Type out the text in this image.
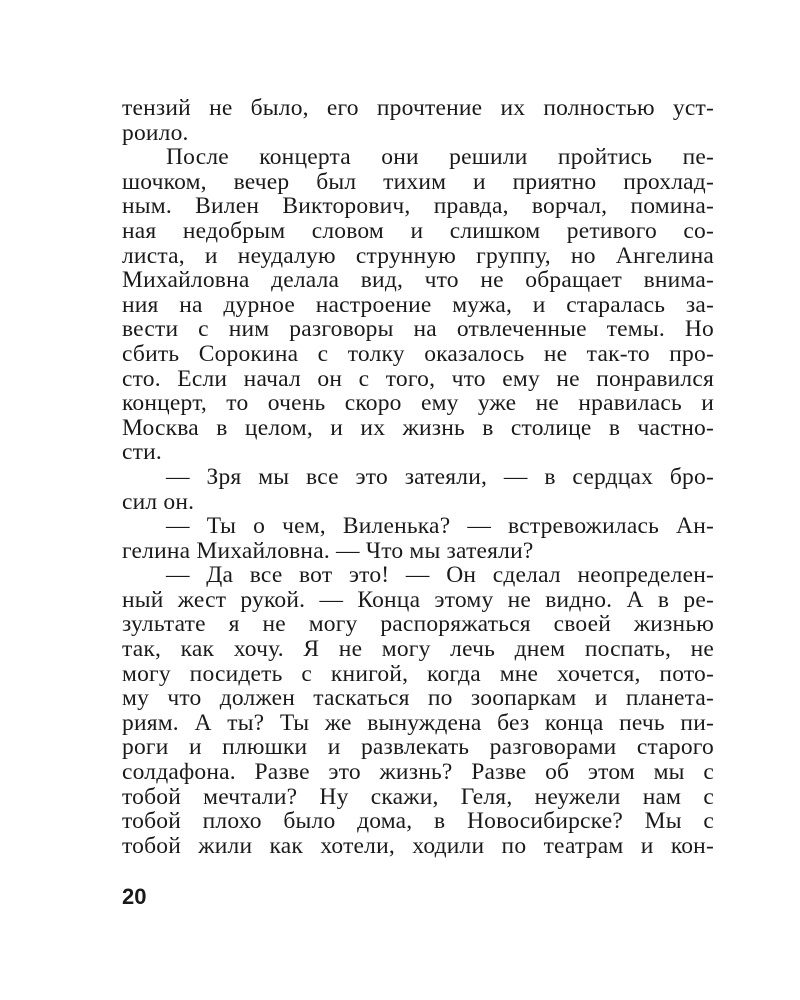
тензий не было, его прочтение их полностью уст-
роило.
После концерта они решили пройтись пе-
шочком, вечер был тихим и приятно прохлад-
ным. Вилен Викторович, правда, ворчал, помина-
ная недобрым словом и слишком ретивого со-
листа, и неудалую струнную группу, но Ангелина
Михайловна делала вид, что не обращает внима-
ния на дурное настроение мужа, и старалась за-
вести с ним разговоры на отвлеченные темы. Но
сбить Сорокина с толку оказалось не так-то про-
сто. Если начал он с того, что ему не понравился
концерт, то очень скоро ему уже не нравилась и
Москва в целом, и их жизнь в столице в частно-
сти.
— Зря мы все это затеяли, — в сердцах бро-
сил он.
— Ты о чем, Виленька? — встревожилась Ан-
гелина Михайловна. — Что мы затеяли?
— Да все вот это! — Он сделал неопределен-
ный жест рукой. — Конца этому не видно. А в ре-
зультате я не могу распоряжаться своей жизнью
так, как хочу. Я не могу лечь днем поспать, не
могу посидеть с книгой, когда мне хочется, пото-
му что должен таскаться по зоопаркам и планета-
риям. А ты? Ты же вынуждена без конца печь пи-
роги и плюшки и развлекать разговорами старого
солдафона. Разве это жизнь? Разве об этом мы с
тобой мечтали? Ну скажи, Геля, неужели нам с
тобой плохо было дома, в Новосибирске? Мы с
тобой жили как хотели, ходили по театрам и кон-
20
